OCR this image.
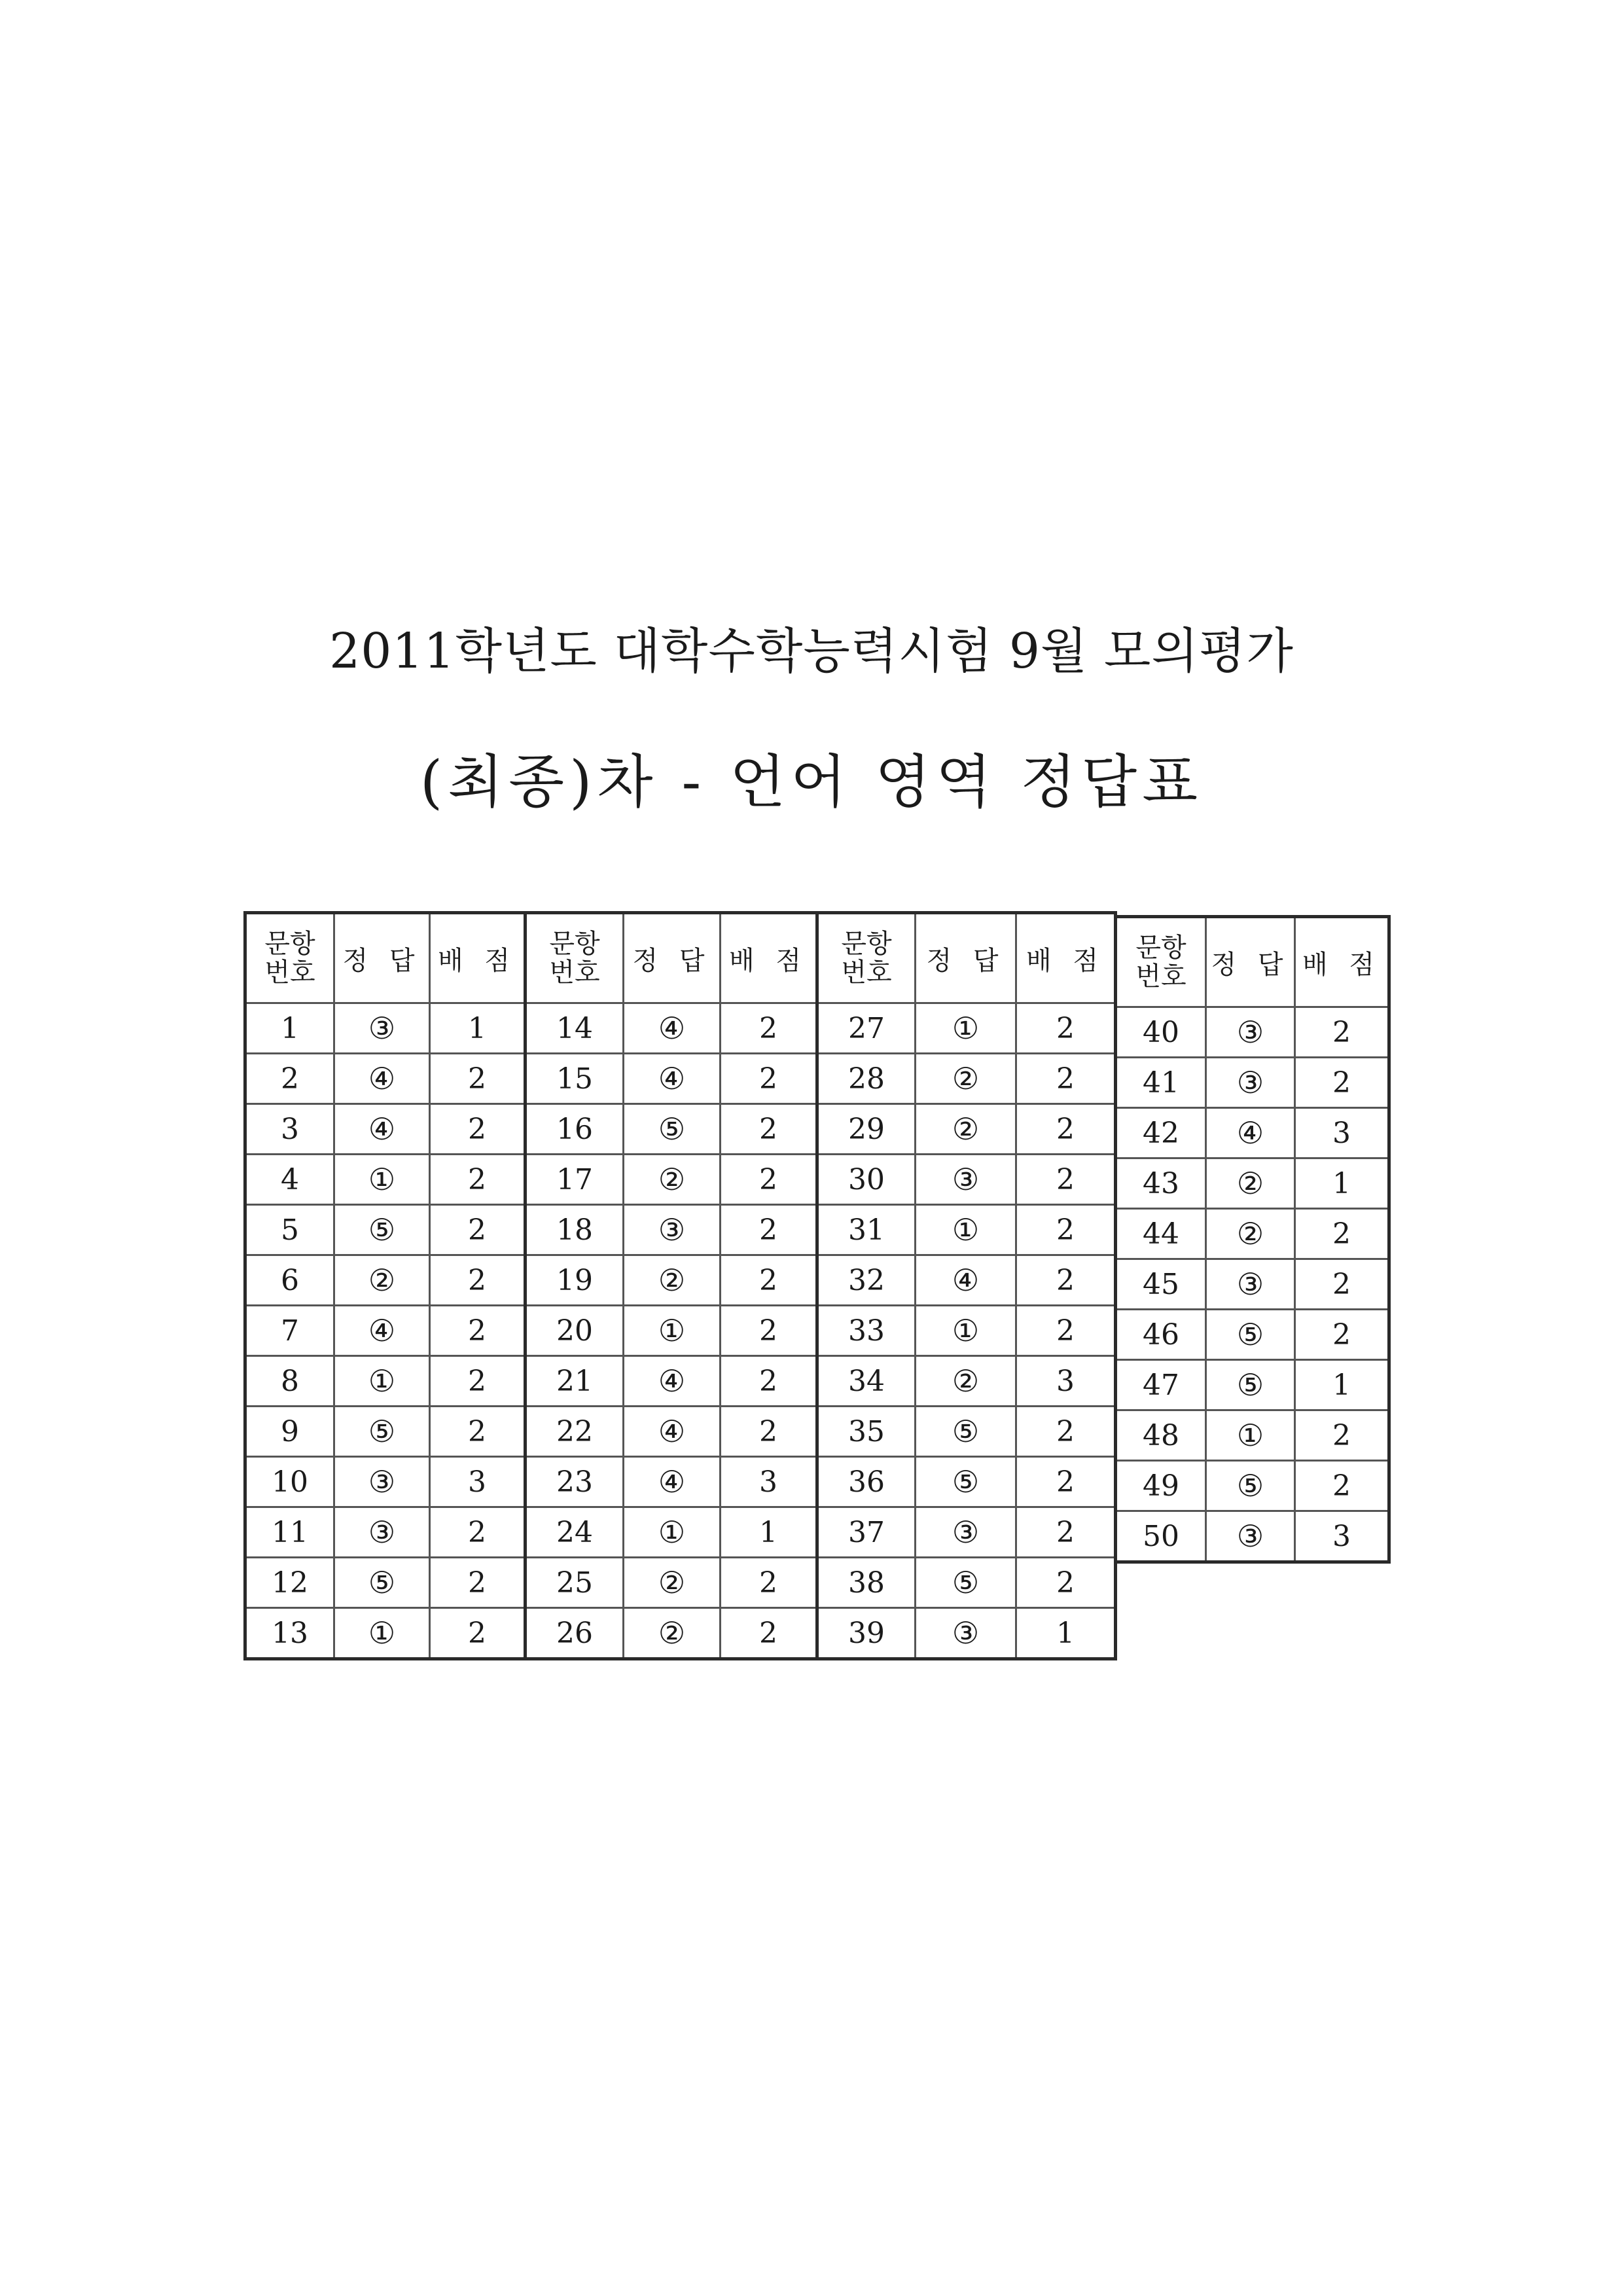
2011학년도 대학수학능력시험 9월 모의평가
(최종)차 - 언어 영역 정답표
문항
번호	정 답	배 점
1	③	1
2	④	2
3	④	2
4	①	2
5	⑤	2
6	②	2
7	④	2
8	①	2
9	⑤	2
10	③	3
11	③	2
12	⑤	2
13	①	2
문항
번호	정 답	배 점
14	④	2
15	④	2
16	⑤	2
17	②	2
18	③	2
19	②	2
20	①	2
21	④	2
22	④	2
23	④	3
24	①	1
25	②	2
26	②	2
문항
번호	정 답	배 점
27	①	2
28	②	2
29	②	2
30	③	2
31	①	2
32	④	2
33	①	2
34	②	3
35	⑤	2
36	⑤	2
37	③	2
38	⑤	2
39	③	1
문항
번호	정 답	배 점
40	③	2
41	③	2
42	④	3
43	②	1
44	②	2
45	③	2
46	⑤	2
47	⑤	1
48	①	2
49	⑤	2
50	③	3
